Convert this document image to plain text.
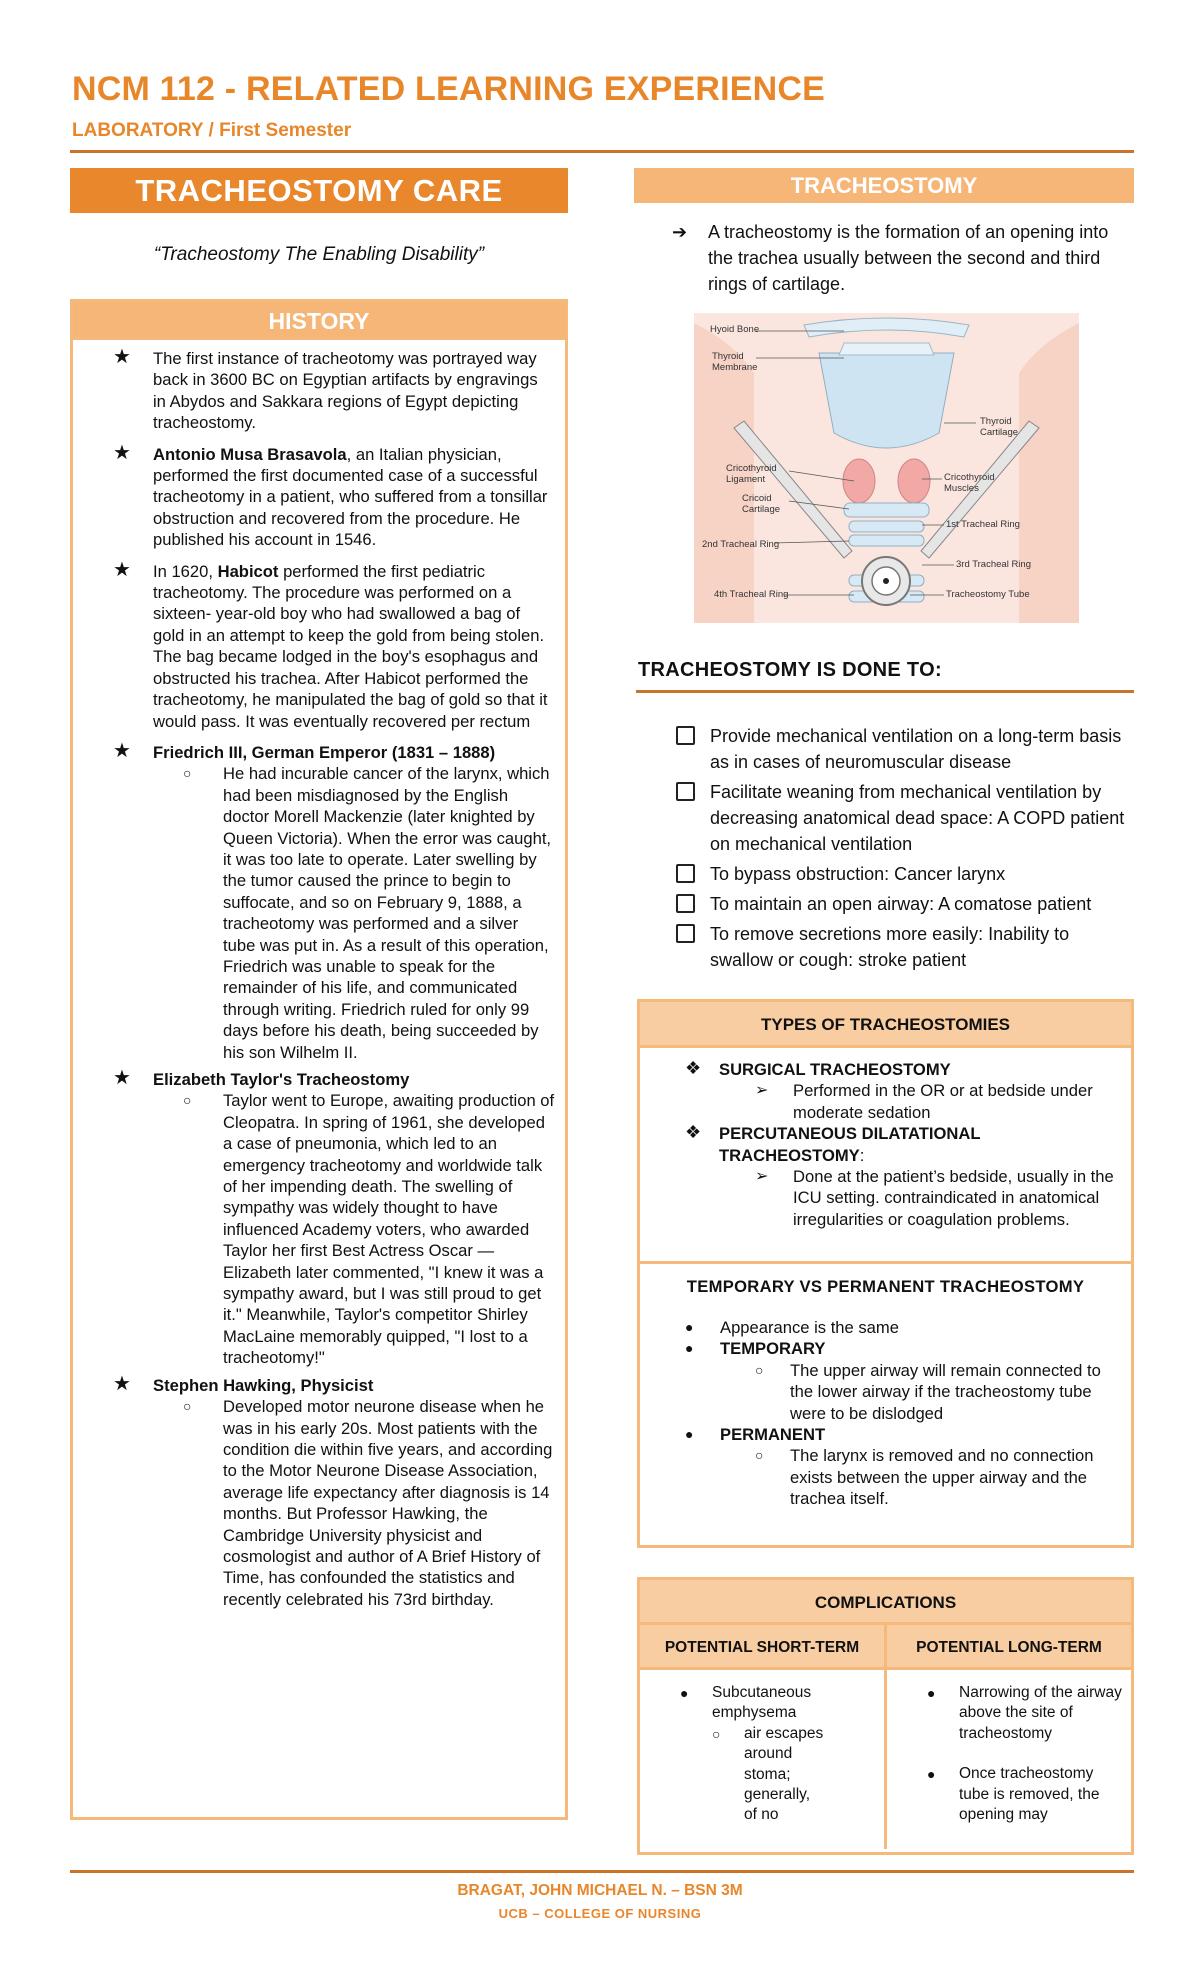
NCM 112 - RELATED LEARNING EXPERIENCE
LABORATORY / First Semester
TRACHEOSTOMY CARE
“Tracheostomy The Enabling Disability”
HISTORY
★ The first instance of tracheotomy was portrayed way back in 3600 BC on Egyptian artifacts by engravings in Abydos and Sakkara regions of Egypt depicting tracheostomy.
★ Antonio Musa Brasavola, an Italian physician, performed the first documented case of a successful tracheotomy in a patient, who suffered from a tonsillar obstruction and recovered from the procedure. He published his account in 1546.
★ In 1620, Habicot performed the first pediatric tracheotomy. The procedure was performed on a sixteen- year-old boy who had swallowed a bag of gold in an attempt to keep the gold from being stolen. The bag became lodged in the boy's esophagus and obstructed his trachea. After Habicot performed the tracheotomy, he manipulated the bag of gold so that it would pass. It was eventually recovered per rectum
★ Friedrich III, German Emperor (1831 – 1888)
○ He had incurable cancer of the larynx, which had been misdiagnosed by the English doctor Morell Mackenzie (later knighted by Queen Victoria). When the error was caught, it was too late to operate. Later swelling by the tumor caused the prince to begin to suffocate, and so on February 9, 1888, a tracheotomy was performed and a silver tube was put in. As a result of this operation, Friedrich was unable to speak for the remainder of his life, and communicated through writing. Friedrich ruled for only 99 days before his death, being succeeded by his son Wilhelm II.
★ Elizabeth Taylor's Tracheostomy
○ Taylor went to Europe, awaiting production of Cleopatra. In spring of 1961, she developed a case of pneumonia, which led to an emergency tracheotomy and worldwide talk of her impending death. The swelling of sympathy was widely thought to have influenced Academy voters, who awarded Taylor her first Best Actress Oscar — Elizabeth later commented, "I knew it was a sympathy award, but I was still proud to get it." Meanwhile, Taylor's competitor Shirley MacLaine memorably quipped, "I lost to a tracheotomy!"
★ Stephen Hawking, Physicist
○ Developed motor neurone disease when he was in his early 20s. Most patients with the condition die within five years, and according to the Motor Neurone Disease Association, average life expectancy after diagnosis is 14 months. But Professor Hawking, the Cambridge University physicist and cosmologist and author of A Brief History of Time, has confounded the statistics and recently celebrated his 73rd birthday.
TRACHEOSTOMY
➔ A tracheostomy is the formation of an opening into the trachea usually between the second and third rings of cartilage.
Hyoid Bone
Thyroid Membrane
Thyroid Cartilage
Cricothyroid Ligament
Cricoid Cartilage
Cricothyroid Muscles
1st Tracheal Ring
2nd Tracheal Ring
3rd Tracheal Ring
4th Tracheal Ring	Tracheostomy Tube
TRACHEOSTOMY IS DONE TO:
Provide mechanical ventilation on a long-term basis as in cases of neuromuscular disease
Facilitate weaning from mechanical ventilation by decreasing anatomical dead space: A COPD patient on mechanical ventilation
To bypass obstruction: Cancer larynx
To maintain an open airway: A comatose patient
To remove secretions more easily: Inability to swallow or cough: stroke patient
TYPES OF TRACHEOSTOMIES
❖ SURGICAL TRACHEOSTOMY
➢ Performed in the OR or at bedside under moderate sedation
❖ PERCUTANEOUS DILATATIONAL TRACHEOSTOMY:
➢ Done at the patient’s bedside, usually in the ICU setting. contraindicated in anatomical irregularities or coagulation problems.
TEMPORARY VS PERMANENT TRACHEOSTOMY
● Appearance is the same
● TEMPORARY
○ The upper airway will remain connected to the lower airway if the tracheostomy tube were to be dislodged
● PERMANENT
○ The larynx is removed and no connection exists between the upper airway and the trachea itself.
COMPLICATIONS
POTENTIAL SHORT-TERM	POTENTIAL LONG-TERM
● Subcutaneous emphysema
○ air escapes around stoma; generally, of no
● Narrowing of the airway above the site of tracheostomy
● Once tracheostomy tube is removed, the opening may
BRAGAT, JOHN MICHAEL N. – BSN 3M
UCB – COLLEGE OF NURSING
